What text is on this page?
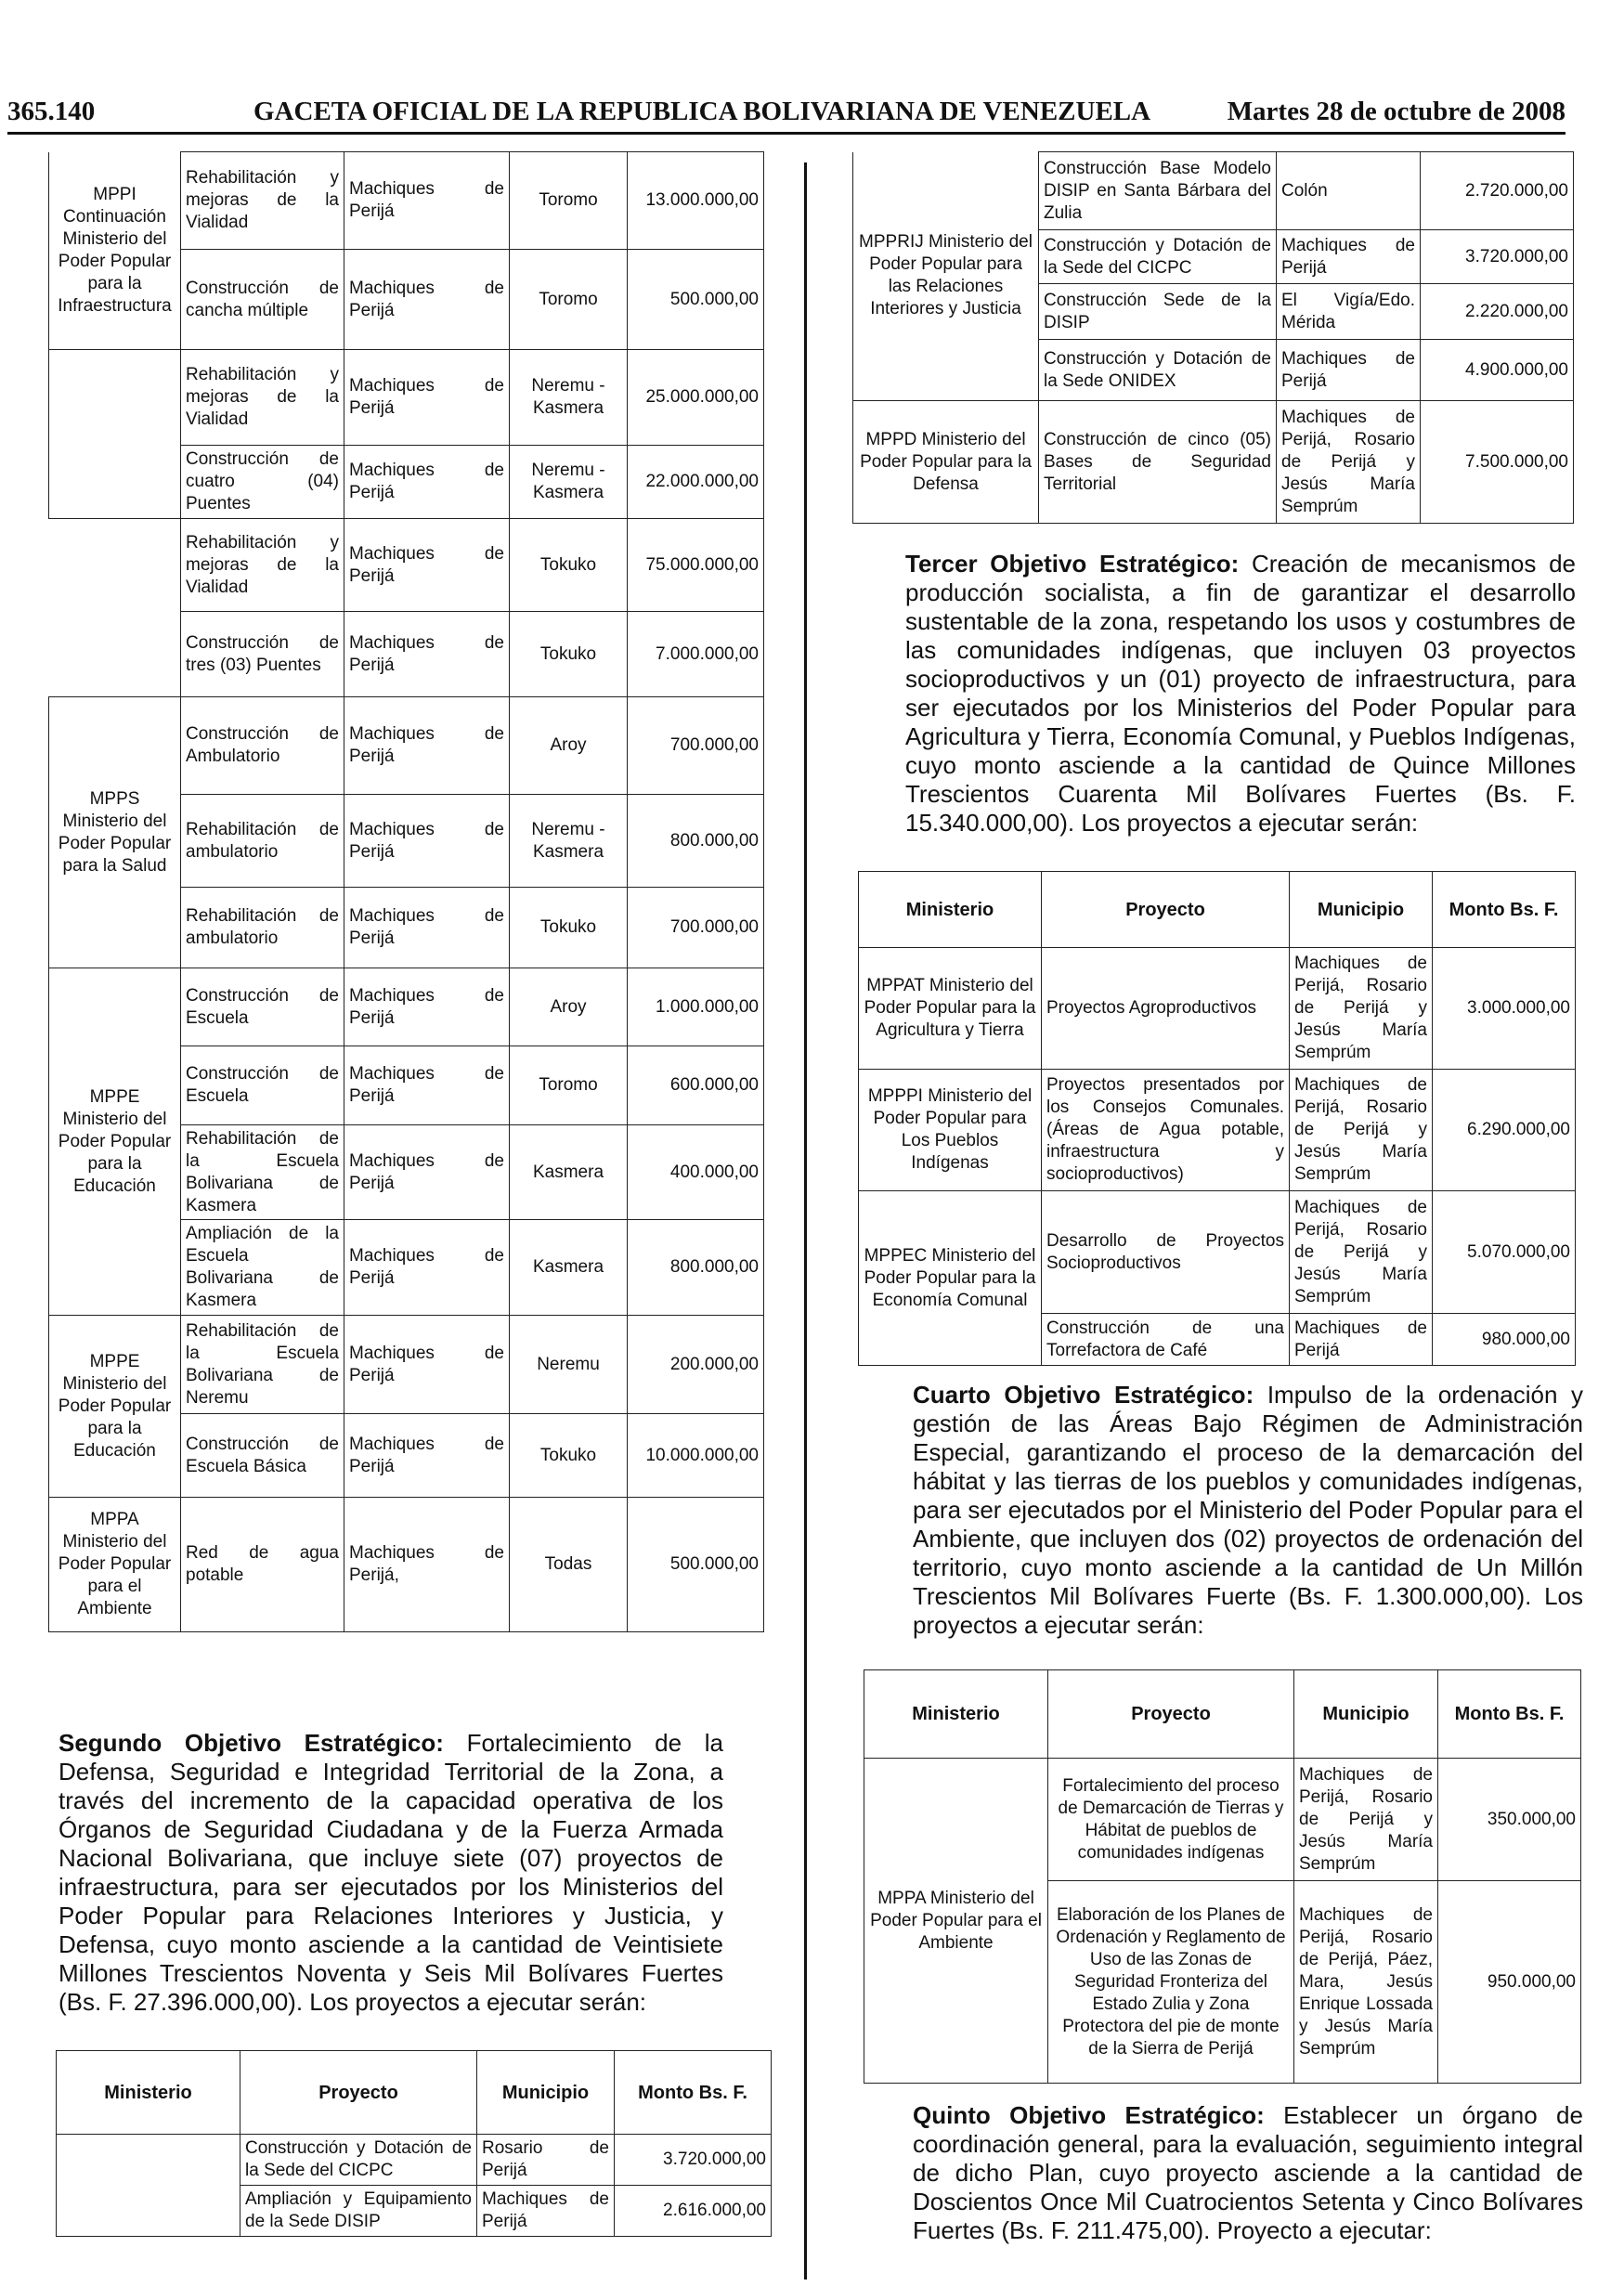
365.140	GACETA OFICIAL DE LA REPUBLICA BOLIVARIANA DE VENEZUELA	Martes 28 de octubre de 2008
MPPI Continuación Ministerio del Poder Popular para la Infraestructura	Rehabilitación y mejoras de la Vialidad	Machiques de Perijá	Toromo	13.000.000,00
	Construcción de cancha múltiple	Machiques de Perijá	Toromo	500.000,00
	Rehabilitación y mejoras de la Vialidad	Machiques de Perijá	Neremu - Kasmera	25.000.000,00
	Construcción de cuatro (04) Puentes	Machiques de Perijá	Neremu - Kasmera	22.000.000,00
	Rehabilitación y mejoras de la Vialidad	Machiques de Perijá	Tokuko	75.000.000,00
	Construcción de tres (03) Puentes	Machiques de Perijá	Tokuko	7.000.000,00
MPPS Ministerio del Poder Popular para la Salud	Construcción de Ambulatorio	Machiques de Perijá	Aroy	700.000,00
	Rehabilitación de ambulatorio	Machiques de Perijá	Neremu - Kasmera	800.000,00
	Rehabilitación de ambulatorio	Machiques de Perijá	Tokuko	700.000,00
MPPE Ministerio del Poder Popular para la Educación	Construcción de Escuela	Machiques de Perijá	Aroy	1.000.000,00
	Construcción de Escuela	Machiques de Perijá	Toromo	600.000,00
	Rehabilitación de la Escuela Bolivariana de Kasmera	Machiques de Perijá	Kasmera	400.000,00
	Ampliación de la Escuela Bolivariana de Kasmera	Machiques de Perijá	Kasmera	800.000,00
MPPE Ministerio del Poder Popular para la Educación	Rehabilitación de la Escuela Bolivariana de Neremu	Machiques de Perijá	Neremu	200.000,00
	Construcción de Escuela Básica	Machiques de Perijá	Tokuko	10.000.000,00
MPPA Ministerio del Poder Popular para el Ambiente	Red de agua potable	Machiques de Perijá,	Todas	500.000,00
Segundo Objetivo Estratégico: Fortalecimiento de la Defensa, Seguridad e Integridad Territorial de la Zona, a través del incremento de la capacidad operativa de los Órganos de Seguridad Ciudadana y de la Fuerza Armada Nacional Bolivariana, que incluye siete (07) proyectos de infraestructura, para ser ejecutados por los Ministerios del Poder Popular para Relaciones Interiores y Justicia, y Defensa, cuyo monto asciende a la cantidad de Veintisiete Millones Trescientos Noventa y Seis Mil Bolívares Fuertes (Bs. F. 27.396.000,00). Los proyectos a ejecutar serán:
Ministerio	Proyecto	Municipio	Monto Bs. F.
	Construcción y Dotación de la Sede del CICPC	Rosario de Perijá	3.720.000,00
	Ampliación y Equipamiento de la Sede DISIP	Machiques de Perijá	2.616.000,00
MPPRIJ Ministerio del Poder Popular para las Relaciones Interiores y Justicia	Construcción Base Modelo DISIP en Santa Bárbara del Zulia	Colón	2.720.000,00
	Construcción y Dotación de la Sede del CICPC	Machiques de Perijá	3.720.000,00
	Construcción Sede de la DISIP	El Vigía/Edo. Mérida	2.220.000,00
	Construcción y Dotación de la Sede ONIDEX	Machiques de Perijá	4.900.000,00
MPPD Ministerio del Poder Popular para la Defensa	Construcción de cinco (05) Bases de Seguridad Territorial	Machiques de Perijá, Rosario de Perijá y Jesús María Semprúm	7.500.000,00
Tercer Objetivo Estratégico: Creación de mecanismos de producción socialista, a fin de garantizar el desarrollo sustentable de la zona, respetando los usos y costumbres de las comunidades indígenas, que incluyen 03 proyectos socioproductivos y un (01) proyecto de infraestructura, para ser ejecutados por los Ministerios del Poder Popular para Agricultura y Tierra, Economía Comunal, y Pueblos Indígenas, cuyo monto asciende a la cantidad de Quince Millones Trescientos Cuarenta Mil Bolívares Fuertes (Bs. F. 15.340.000,00). Los proyectos a ejecutar serán:
Ministerio	Proyecto	Municipio	Monto Bs. F.
MPPAT Ministerio del Poder Popular para la Agricultura y Tierra	Proyectos Agroproductivos	Machiques de Perijá, Rosario de Perijá y Jesús María Semprúm	3.000.000,00
MPPPI Ministerio del Poder Popular para Los Pueblos Indígenas	Proyectos presentados por los Consejos Comunales. (Áreas de Agua potable, infraestructura y socioproductivos)	Machiques de Perijá, Rosario de Perijá y Jesús María Semprúm	6.290.000,00
MPPEC Ministerio del Poder Popular para la Economía Comunal	Desarrollo de Proyectos Socioproductivos	Machiques de Perijá, Rosario de Perijá y Jesús María Semprúm	5.070.000,00
	Construcción de una Torrefactora de Café	Machiques de Perijá	980.000,00
Cuarto Objetivo Estratégico: Impulso de la ordenación y gestión de las Áreas Bajo Régimen de Administración Especial, garantizando el proceso de la demarcación del hábitat y las tierras de los pueblos y comunidades indígenas, para ser ejecutados por el Ministerio del Poder Popular para el Ambiente, que incluyen dos (02) proyectos de ordenación del territorio, cuyo monto asciende a la cantidad de Un Millón Trescientos Mil Bolívares Fuerte (Bs. F. 1.300.000,00). Los proyectos a ejecutar serán:
Ministerio	Proyecto	Municipio	Monto Bs. F.
MPPA Ministerio del Poder Popular para el Ambiente	Fortalecimiento del proceso de Demarcación de Tierras y Hábitat de pueblos de comunidades indígenas	Machiques de Perijá, Rosario de Perijá y Jesús María Semprúm	350.000,00
	Elaboración de los Planes de Ordenación y Reglamento de Uso de las Zonas de Seguridad Fronteriza del Estado Zulia y Zona Protectora del pie de monte de la Sierra de Perijá	Machiques de Perijá, Rosario de Perijá, Páez, Mara, Jesús Enrique Lossada y Jesús María Semprúm	950.000,00
Quinto Objetivo Estratégico: Establecer un órgano de coordinación general, para la evaluación, seguimiento integral de dicho Plan, cuyo proyecto asciende a la cantidad de Doscientos Once Mil Cuatrocientos Setenta y Cinco Bolívares Fuertes (Bs. F. 211.475,00). Proyecto a ejecutar:
